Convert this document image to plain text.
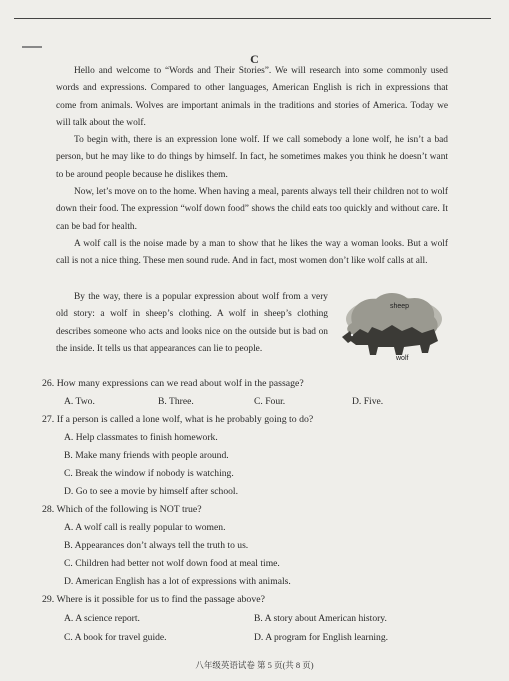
C
Hello and welcome to “Words and Their Stories”. We will research into some commonly used words and expressions. Compared to other languages, American English is rich in expressions that come from animals. Wolves are important animals in the traditions and stories of America. Today we will talk about the wolf.
To begin with, there is an expression lone wolf. If we call somebody a lone wolf, he isn’t a bad person, but he may like to do things by himself. In fact, he sometimes makes you think he doesn’t want to be around people because he dislikes them.
Now, let’s move on to the home. When having a meal, parents always tell their children not to wolf down their food. The expression “wolf down food” shows the child eats too quickly and without care. It can be bad for health.
A wolf call is the noise made by a man to show that he likes the way a woman looks. But a wolf call is not a nice thing. These men sound rude. And in fact, most women don’t like wolf calls at all.
By the way, there is a popular expression about wolf from a very old story: a wolf in sheep’s clothing. A wolf in sheep’s clothing describes someone who acts and looks nice on the outside but is bad on the inside. It tells us that appearances can lie to people.
sheep
wolf
26. How many expressions can we read about wolf in the passage?
A. Two.	B. Three.	C. Four.	D. Five.
27. If a person is called a lone wolf, what is he probably going to do?
A. Help classmates to finish homework.
B. Make many friends with people around.
C. Break the window if nobody is watching.
D. Go to see a movie by himself after school.
28. Which of the following is NOT true?
A. A wolf call is really popular to women.
B. Appearances don’t always tell the truth to us.
C. Children had better not wolf down food at meal time.
D. American English has a lot of expressions with animals.
29. Where is it possible for us to find the passage above?
A. A science report.	B. A story about American history.
C. A book for travel guide.	D. A program for English learning.
八年级英语试卷 第 5 页(共 8 页)
